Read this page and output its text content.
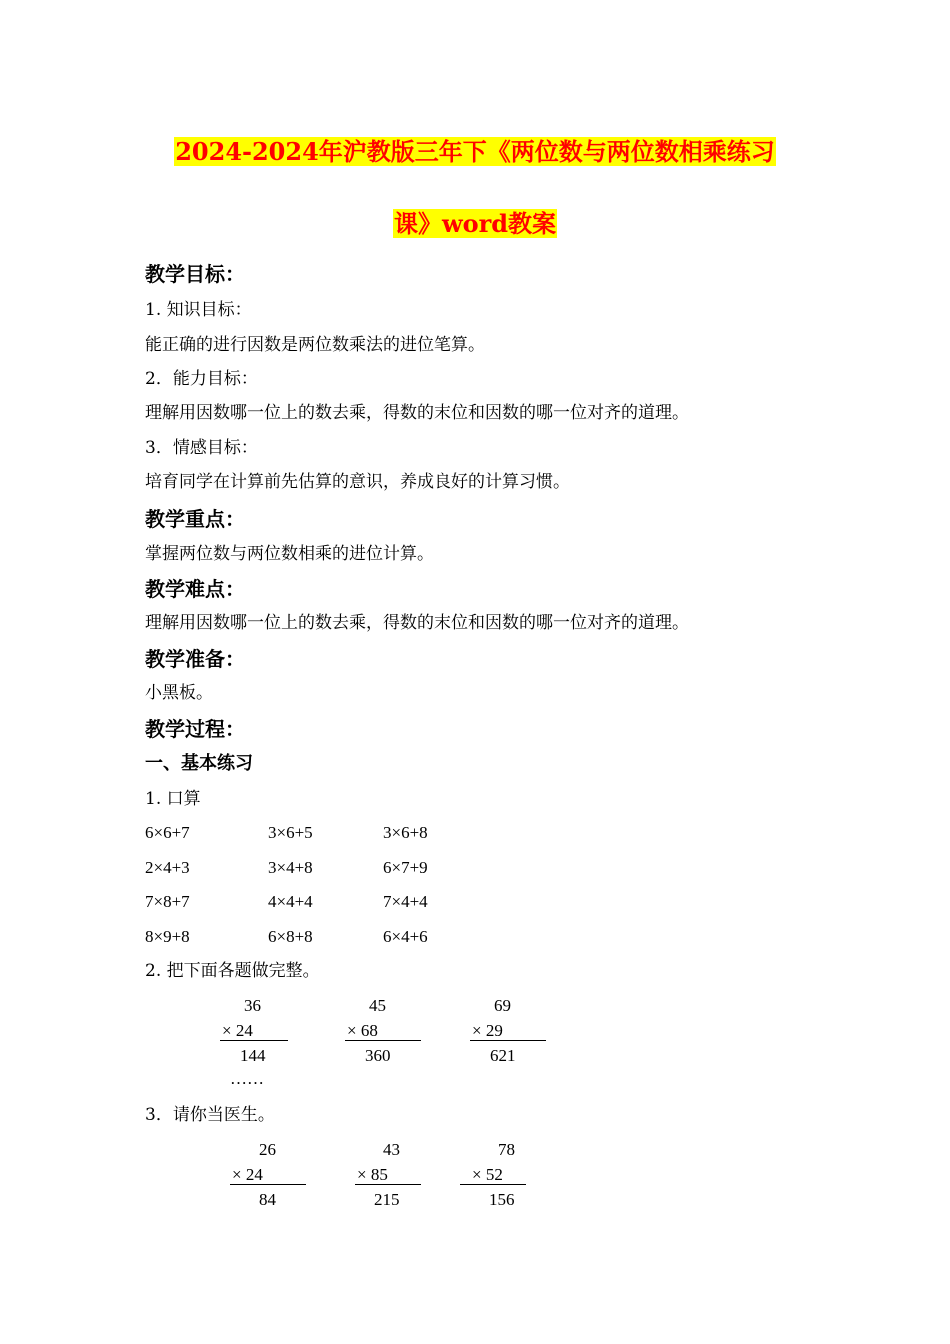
2024-2024年沪教版三年下《两位数与两位数相乘练习
课》word教案
教学目标：
1. 知识目标：
能正确的进行因数是两位数乘法的进位笔算。
2．能力目标：
理解用因数哪一位上的数去乘，得数的末位和因数的哪一位对齐的道理。
3．情感目标：
培育同学在计算前先估算的意识，养成良好的计算习惯。
教学重点：
掌握两位数与两位数相乘的进位计算。
教学难点：
理解用因数哪一位上的数去乘，得数的末位和因数的哪一位对齐的道理。
教学准备：
小黑板。
教学过程：
一、基本练习
1. 口算
6×6+7	3×6+5	3×6+8
2×4+3	3×4+8	6×7+9
7×8+7	4×4+4	7×4+4
8×9+8	6×8+8	6×4+6
2. 把下面各题做完整。
36
× 24
144
45
× 68
360
69
× 29
621
……
3．请你当医生。
26
× 24
84
43
× 85
215
78
× 52
156
